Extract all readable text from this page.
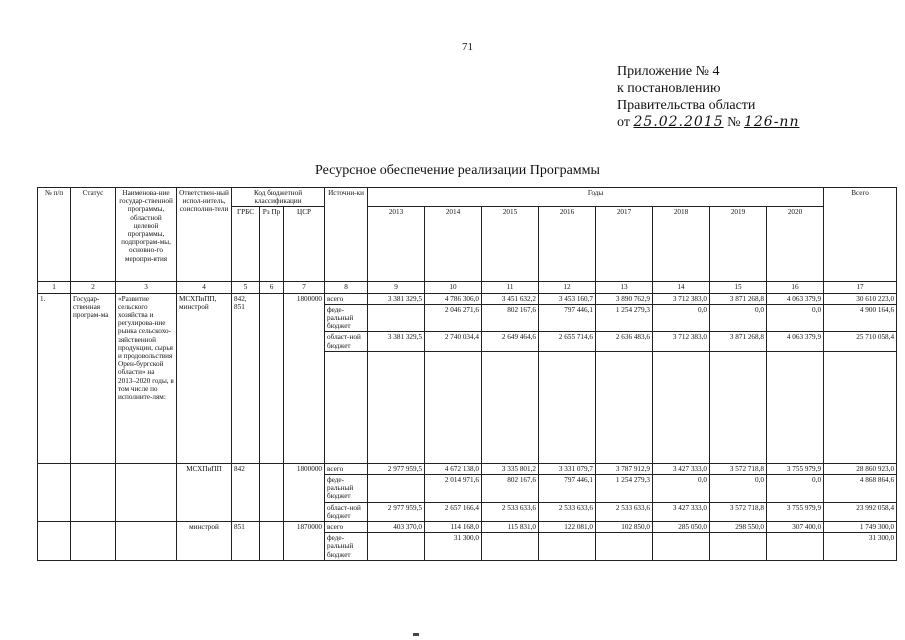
71
Приложение № 4
к постановлению
Правительства области
от 25.02.2015 № 126-пп
Ресурсное обеспечение реализации Программы
№ п/п	Статус	Наименова-ние государ-ственной программы, областной целевой программы, подпрограм-мы, основно-го меропри-ятия	Ответствен-ный испол-нитель, соисполни-тели	Код бюджетной классификации			Источни-ки	Годы								Всего
				ГРБС	Рз Пр	ЦСР		2013	2014	2015	2016	2017	2018	2019	2020	

1	2	3	4	5	6	7	8	9	10	11	12	13	14	15	16	17
1.	Государ-ственная програм-ма	«Развитие сельского хозяйства и регулирова-ние рынка сельскохо-зяйственной продукции, сырья и продовольствия Орен-бургской области» на 2013–2020 годы, в том числе по исполните-лям:	МСХПиПП, минстрой	842, 851		1800000	всего	3 381 329,5	4 786 306,0	3 451 632,2	3 453 160,7	3 890 762,9	3 712 383,0	3 871 268,8	4 063 379,9	30 610 223,0
							феде-ральный бюджет		2 046 271,6	802 167,6	797 446,1	1 254 279,3	0,0	0,0	0,0	4 900 164,6
							област-ной бюджет	3 381 329,5	2 740 034,4	2 649 464,6	2 655 714,6	2 636 483,6	3 712 383,0	3 871 268,8	4 063 379,9	25 710 058,4

			МСХПиПП	842		1800000	всего	2 977 959,5	4 672 138,0	3 335 801,2	3 331 079,7	3 787 912,9	3 427 333,0	3 572 718,8	3 755 979,9	28 860 923,0
							феде-ральный бюджет		2 014 971,6	802 167,6	797 446,1	1 254 279,3	0,0	0,0	0,0	4 868 864,6
							област-ной бюджет	2 977 959,5	2 657 166,4	2 533 633,6	2 533 633,6	2 533 633,6	3 427 333,0	3 572 718,8	3 755 979,9	23 992 058,4
			минстрой	851		1870000	всего	403 370,0	114 168,0	115 831,0	122 081,0	102 850,0	285 050,0	298 550,0	307 400,0	1 749 300,0
							феде-ральный бюджет		31 300,0							31 300,0
